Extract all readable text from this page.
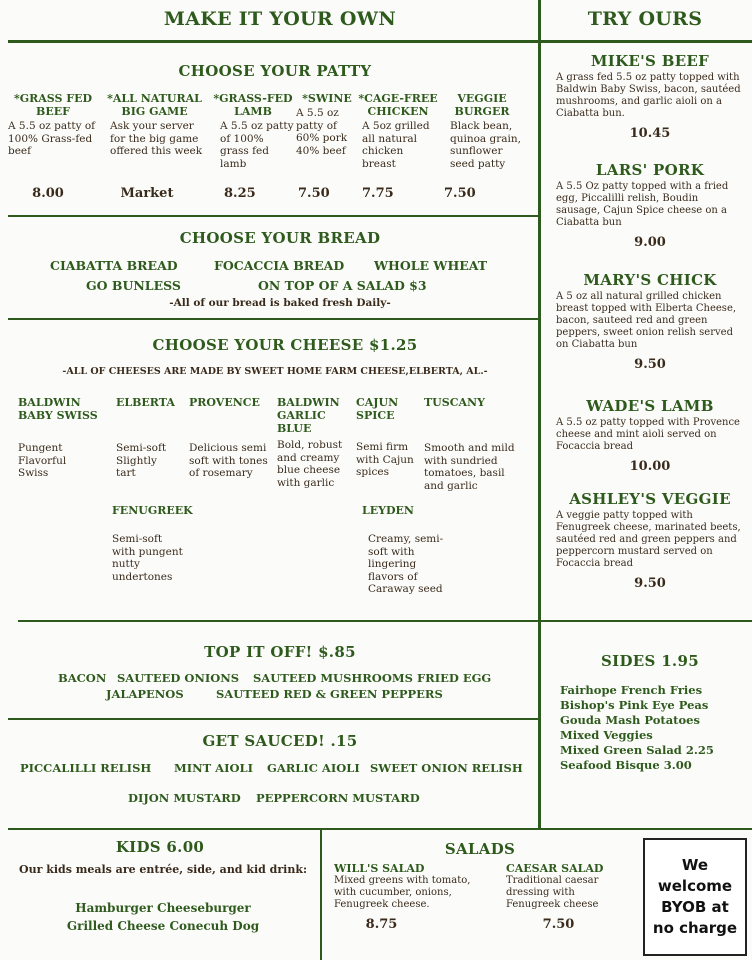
MAKE IT YOUR OWN	TRY OURS
CHOOSE YOUR PATTY
*GRASS FED BEEF
A 5.5 oz patty of 100% Grass-fed beef
8.00
*ALL NATURAL BIG GAME
Ask your server for the big game offered this week
Market
*GRASS-FED LAMB
A 5.5 oz patty of 100% grass fed lamb
8.25
*SWINE
A 5.5 oz patty of 60% pork 40% beef
7.50
*CAGE-FREE CHICKEN
A 5oz grilled all natural chicken breast
7.75
VEGGIE BURGER
Black bean, quinoa grain, sunflower seed patty
7.50
CHOOSE YOUR BREAD
CIABATTA BREAD	FOCACCIA BREAD WHOLE WHEAT
GO BUNLESS	ON TOP OF A SALAD $3
-All of our bread is baked fresh Daily-
CHOOSE YOUR CHEESE $1.25
-ALL OF CHEESES ARE MADE BY SWEET HOME FARM CHEESE,ELBERTA, AL.-
BALDWIN BABY SWISS
Pungent Flavorful Swiss
ELBERTA
Semi-soft Slightly tart
PROVENCE
Delicious semi soft with tones of rosemary
BALDWIN GARLIC BLUE
Bold, robust and creamy blue cheese with garlic
CAJUN SPICE
Semi firm with Cajun spices
TUSCANY
Smooth and mild with sundried tomatoes, basil and garlic
FENUGREEK
Semi-soft with pungent nutty undertones
LEYDEN
Creamy, semi-soft with lingering flavors of Caraway seed
TOP IT OFF! $.85
BACON SAUTEED ONIONS SAUTEED MUSHROOMS FRIED EGG
JALAPENOS	SAUTEED RED & GREEN PEPPERS
GET SAUCED! .15
PICCALILLI RELISH MINT AIOLI GARLIC AIOLI SWEET ONION RELISH
DIJON MUSTARD PEPPERCORN MUSTARD
MIKE'S BEEF
A grass fed 5.5 oz patty topped with Baldwin Baby Swiss, bacon, sautéed mushrooms, and garlic aioli on a Ciabatta bun.
10.45
LARS' PORK
A 5.5 Oz patty topped with a fried egg, Piccalilli relish, Boudin sausage, Cajun Spice cheese on a Ciabatta bun
9.00
MARY'S CHICK
A 5 oz all natural grilled chicken breast topped with Elberta Cheese, bacon, sauteed red and green peppers, sweet onion relish served on Ciabatta bun
9.50
WADE'S LAMB
A 5.5 oz patty topped with Provence cheese and mint aioli served on Focaccia bread
10.00
ASHLEY'S VEGGIE
A veggie patty topped with Fenugreek cheese, marinated beets, sautéed red and green peppers and peppercorn mustard served on Focaccia bread
9.50
SIDES 1.95
Fairhope French Fries
Bishop's Pink Eye Peas
Gouda Mash Potatoes
Mixed Veggies
Mixed Green Salad 2.25
Seafood Bisque 3.00
KIDS 6.00
Our kids meals are entrée, side, and kid drink:
Hamburger Cheeseburger
Grilled Cheese Conecuh Dog
SALADS
WILL'S SALAD
Mixed greens with tomato, with cucumber, onions, Fenugreek cheese.
8.75
CAESAR SALAD
Traditional caesar dressing with Fenugreek cheese
7.50
We
welcome
BYOB at
no charge
